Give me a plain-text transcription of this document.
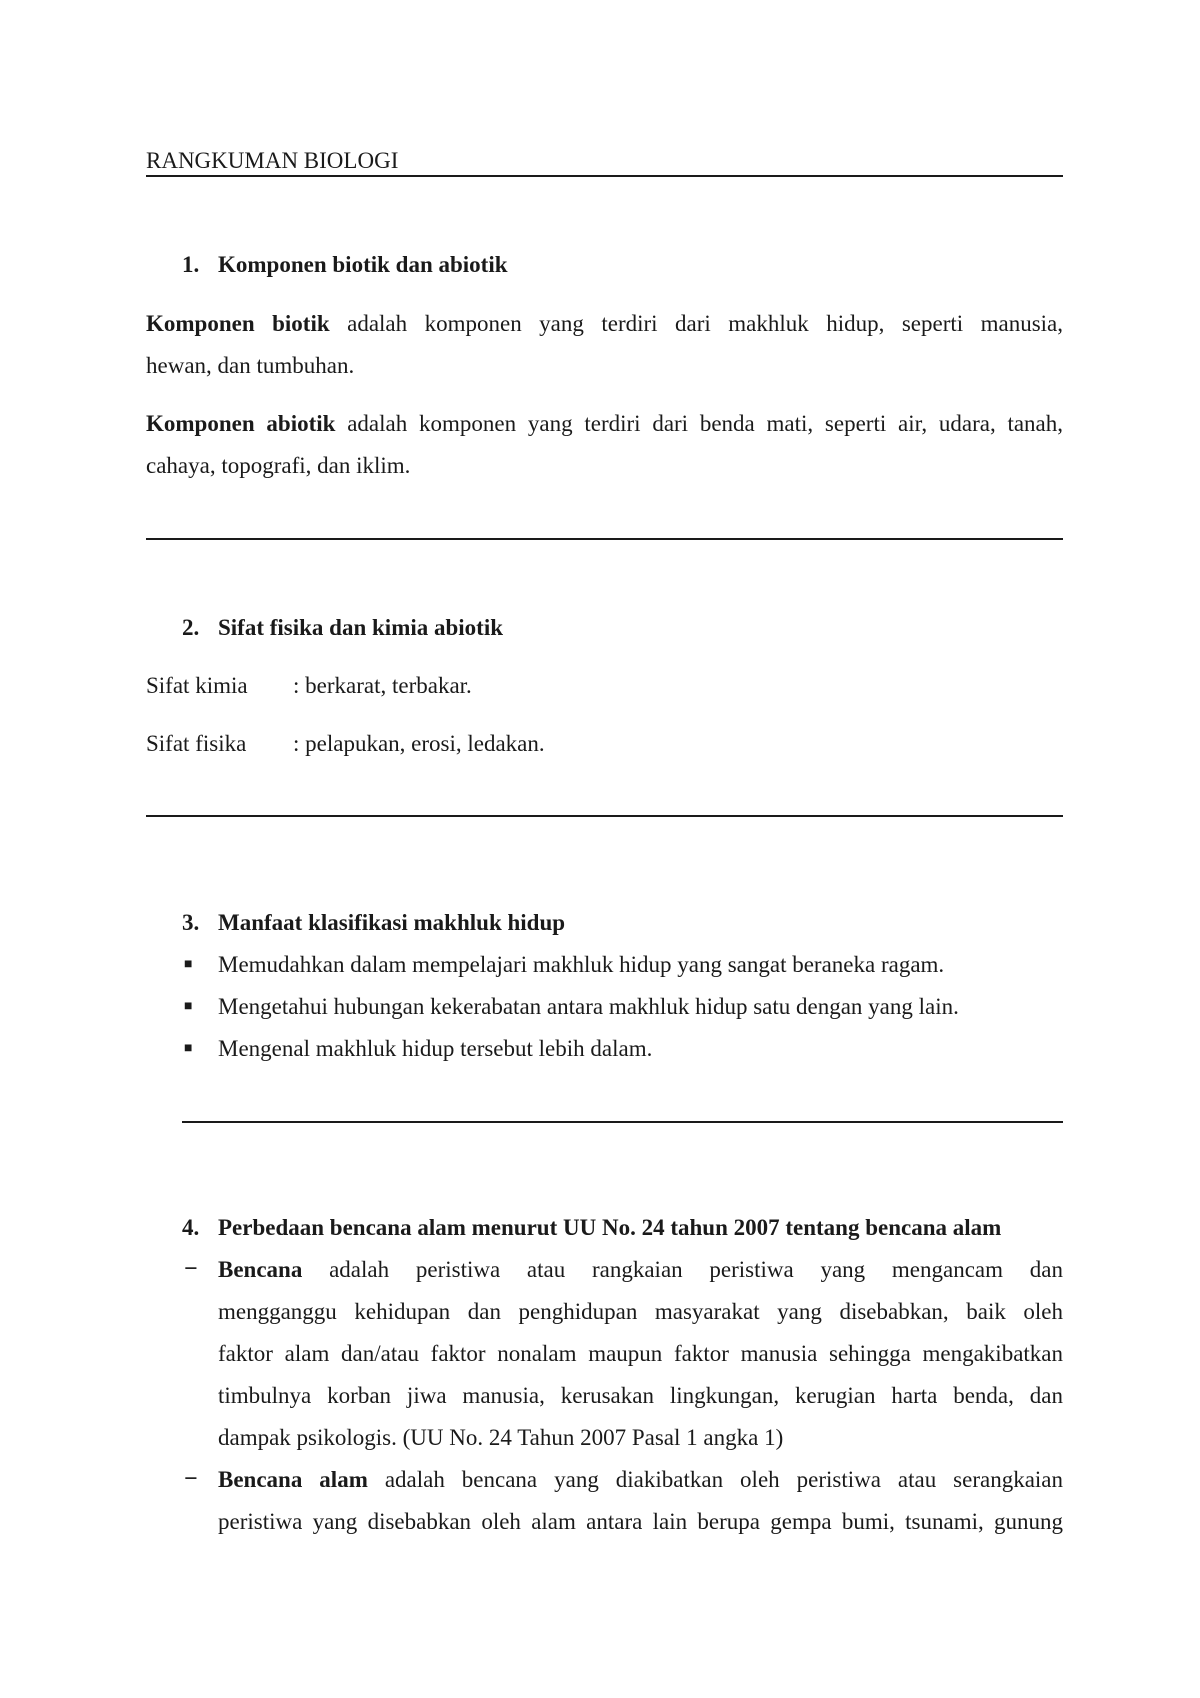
RANGKUMAN BIOLOGI
1. Komponen biotik dan abiotik
Komponen biotik adalah komponen yang terdiri dari makhluk hidup, seperti manusia,
hewan, dan tumbuhan.
Komponen abiotik adalah komponen yang terdiri dari benda mati, seperti air, udara, tanah,
cahaya, topografi, dan iklim.
2. Sifat fisika dan kimia abiotik
Sifat kimia : berkarat, terbakar.
Sifat fisika : pelapukan, erosi, ledakan.
3. Manfaat klasifikasi makhluk hidup
■ Memudahkan dalam mempelajari makhluk hidup yang sangat beraneka ragam.
■ Mengetahui hubungan kekerabatan antara makhluk hidup satu dengan yang lain.
■ Mengenal makhluk hidup tersebut lebih dalam.
4. Perbedaan bencana alam menurut UU No. 24 tahun 2007 tentang bencana alam
− Bencana adalah peristiwa atau rangkaian peristiwa yang mengancam dan
mengganggu kehidupan dan penghidupan masyarakat yang disebabkan, baik oleh
faktor alam dan/atau faktor nonalam maupun faktor manusia sehingga mengakibatkan
timbulnya korban jiwa manusia, kerusakan lingkungan, kerugian harta benda, dan
dampak psikologis. (UU No. 24 Tahun 2007 Pasal 1 angka 1)
− Bencana alam adalah bencana yang diakibatkan oleh peristiwa atau serangkaian
peristiwa yang disebabkan oleh alam antara lain berupa gempa bumi, tsunami, gunung
